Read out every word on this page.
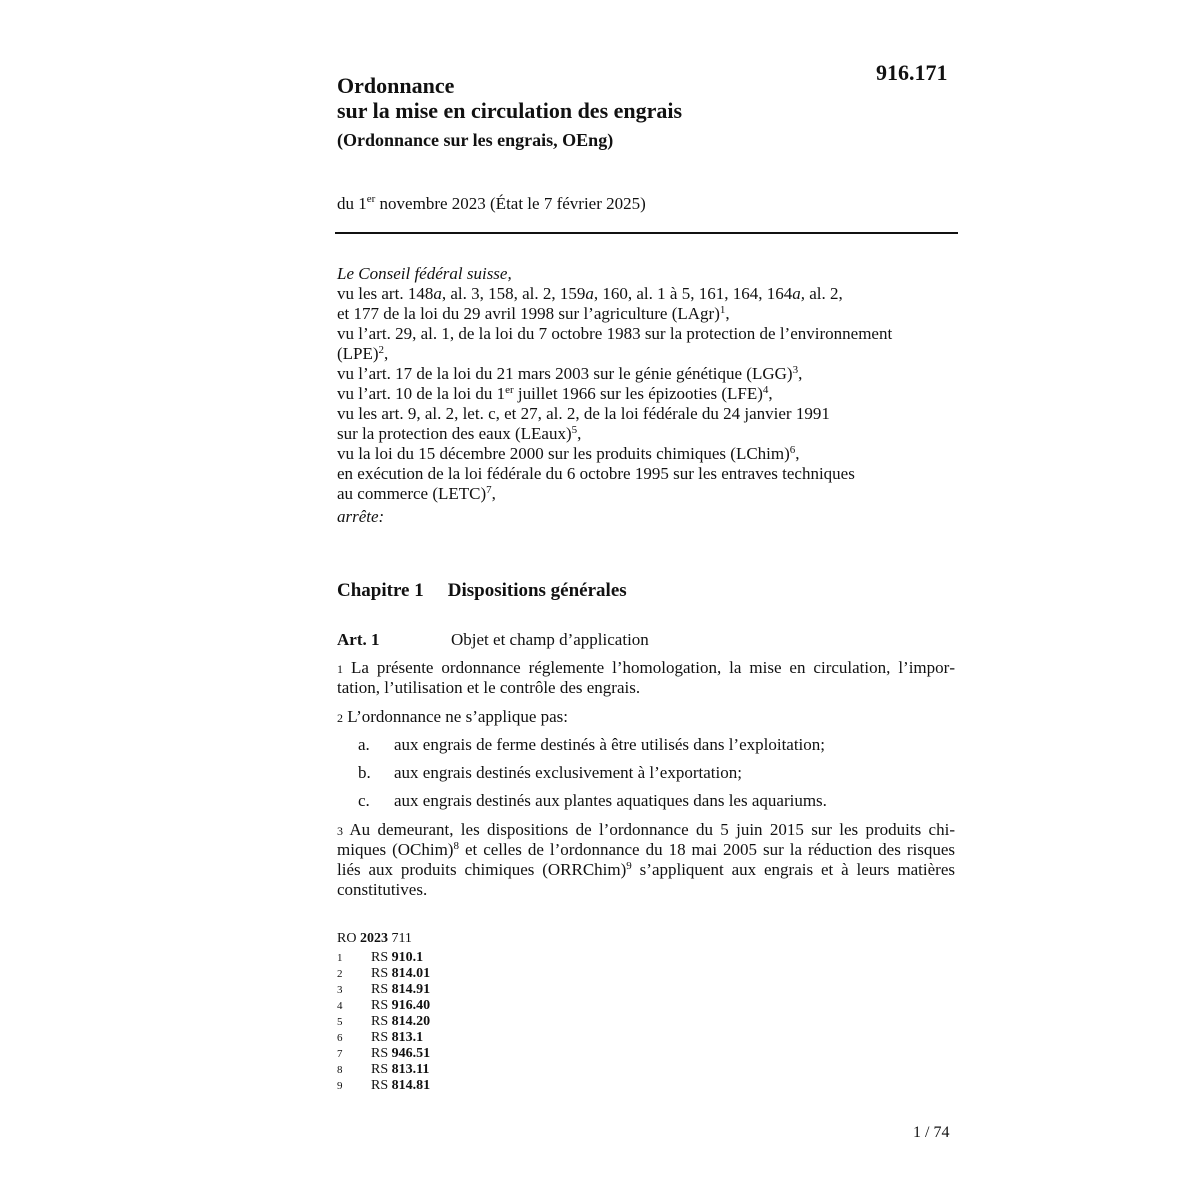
916.171
Ordonnance
sur la mise en circulation des engrais
(Ordonnance sur les engrais, OEng)
du 1er novembre 2023 (État le 7 février 2025)
Le Conseil fédéral suisse,
vu les art. 148a, al. 3, 158, al. 2, 159a, 160, al. 1 à 5, 161, 164, 164a, al. 2,
et 177 de la loi du 29 avril 1998 sur l’agriculture (LAgr)$^1$,
vu l’art. 29, al. 1, de la loi du 7 octobre 1983 sur la protection de l’environnement
(LPE)$^2$,
vu l’art. 17 de la loi du 21 mars 2003 sur le génie génétique (LGG)$^3$,
vu l’art. 10 de la loi du 1er juillet 1966 sur les épizooties (LFE)$^4$,
vu les art. 9, al. 2, let. c, et 27, al. 2, de la loi fédérale du 24 janvier 1991
sur la protection des eaux (LEaux)$^5$,
vu la loi du 15 décembre 2000 sur les produits chimiques (LChim)$^6$,
en exécution de la loi fédérale du 6 octobre 1995 sur les entraves techniques
au commerce (LETC)$^7$,
arrête:
Chapitre 1 Dispositions générales
Art. 1	Objet et champ d’application
$^1$ La présente ordonnance réglemente l’homologation, la mise en circulation, l’importation, l’utilisation et le contrôle des engrais.
$^2$ L’ordonnance ne s’applique pas:
a. aux engrais de ferme destinés à être utilisés dans l’exploitation;
b. aux engrais destinés exclusivement à l’exportation;
c. aux engrais destinés aux plantes aquatiques dans les aquariums.
$^3$ Au demeurant, les dispositions de l’ordonnance du 5 juin 2015 sur les produits chimiques (OChim)$^8$ et celles de l’ordonnance du 18 mai 2005 sur la réduction des risques liés aux produits chimiques (ORRChim)$^9$ s’appliquent aux engrais et à leurs matières constitutives.
RO 2023 711
1 RS 910.1
2 RS 814.01
3 RS 814.91
4 RS 916.40
5 RS 814.20
6 RS 813.1
7 RS 946.51
8 RS 813.11
9 RS 814.81
1 / 74
